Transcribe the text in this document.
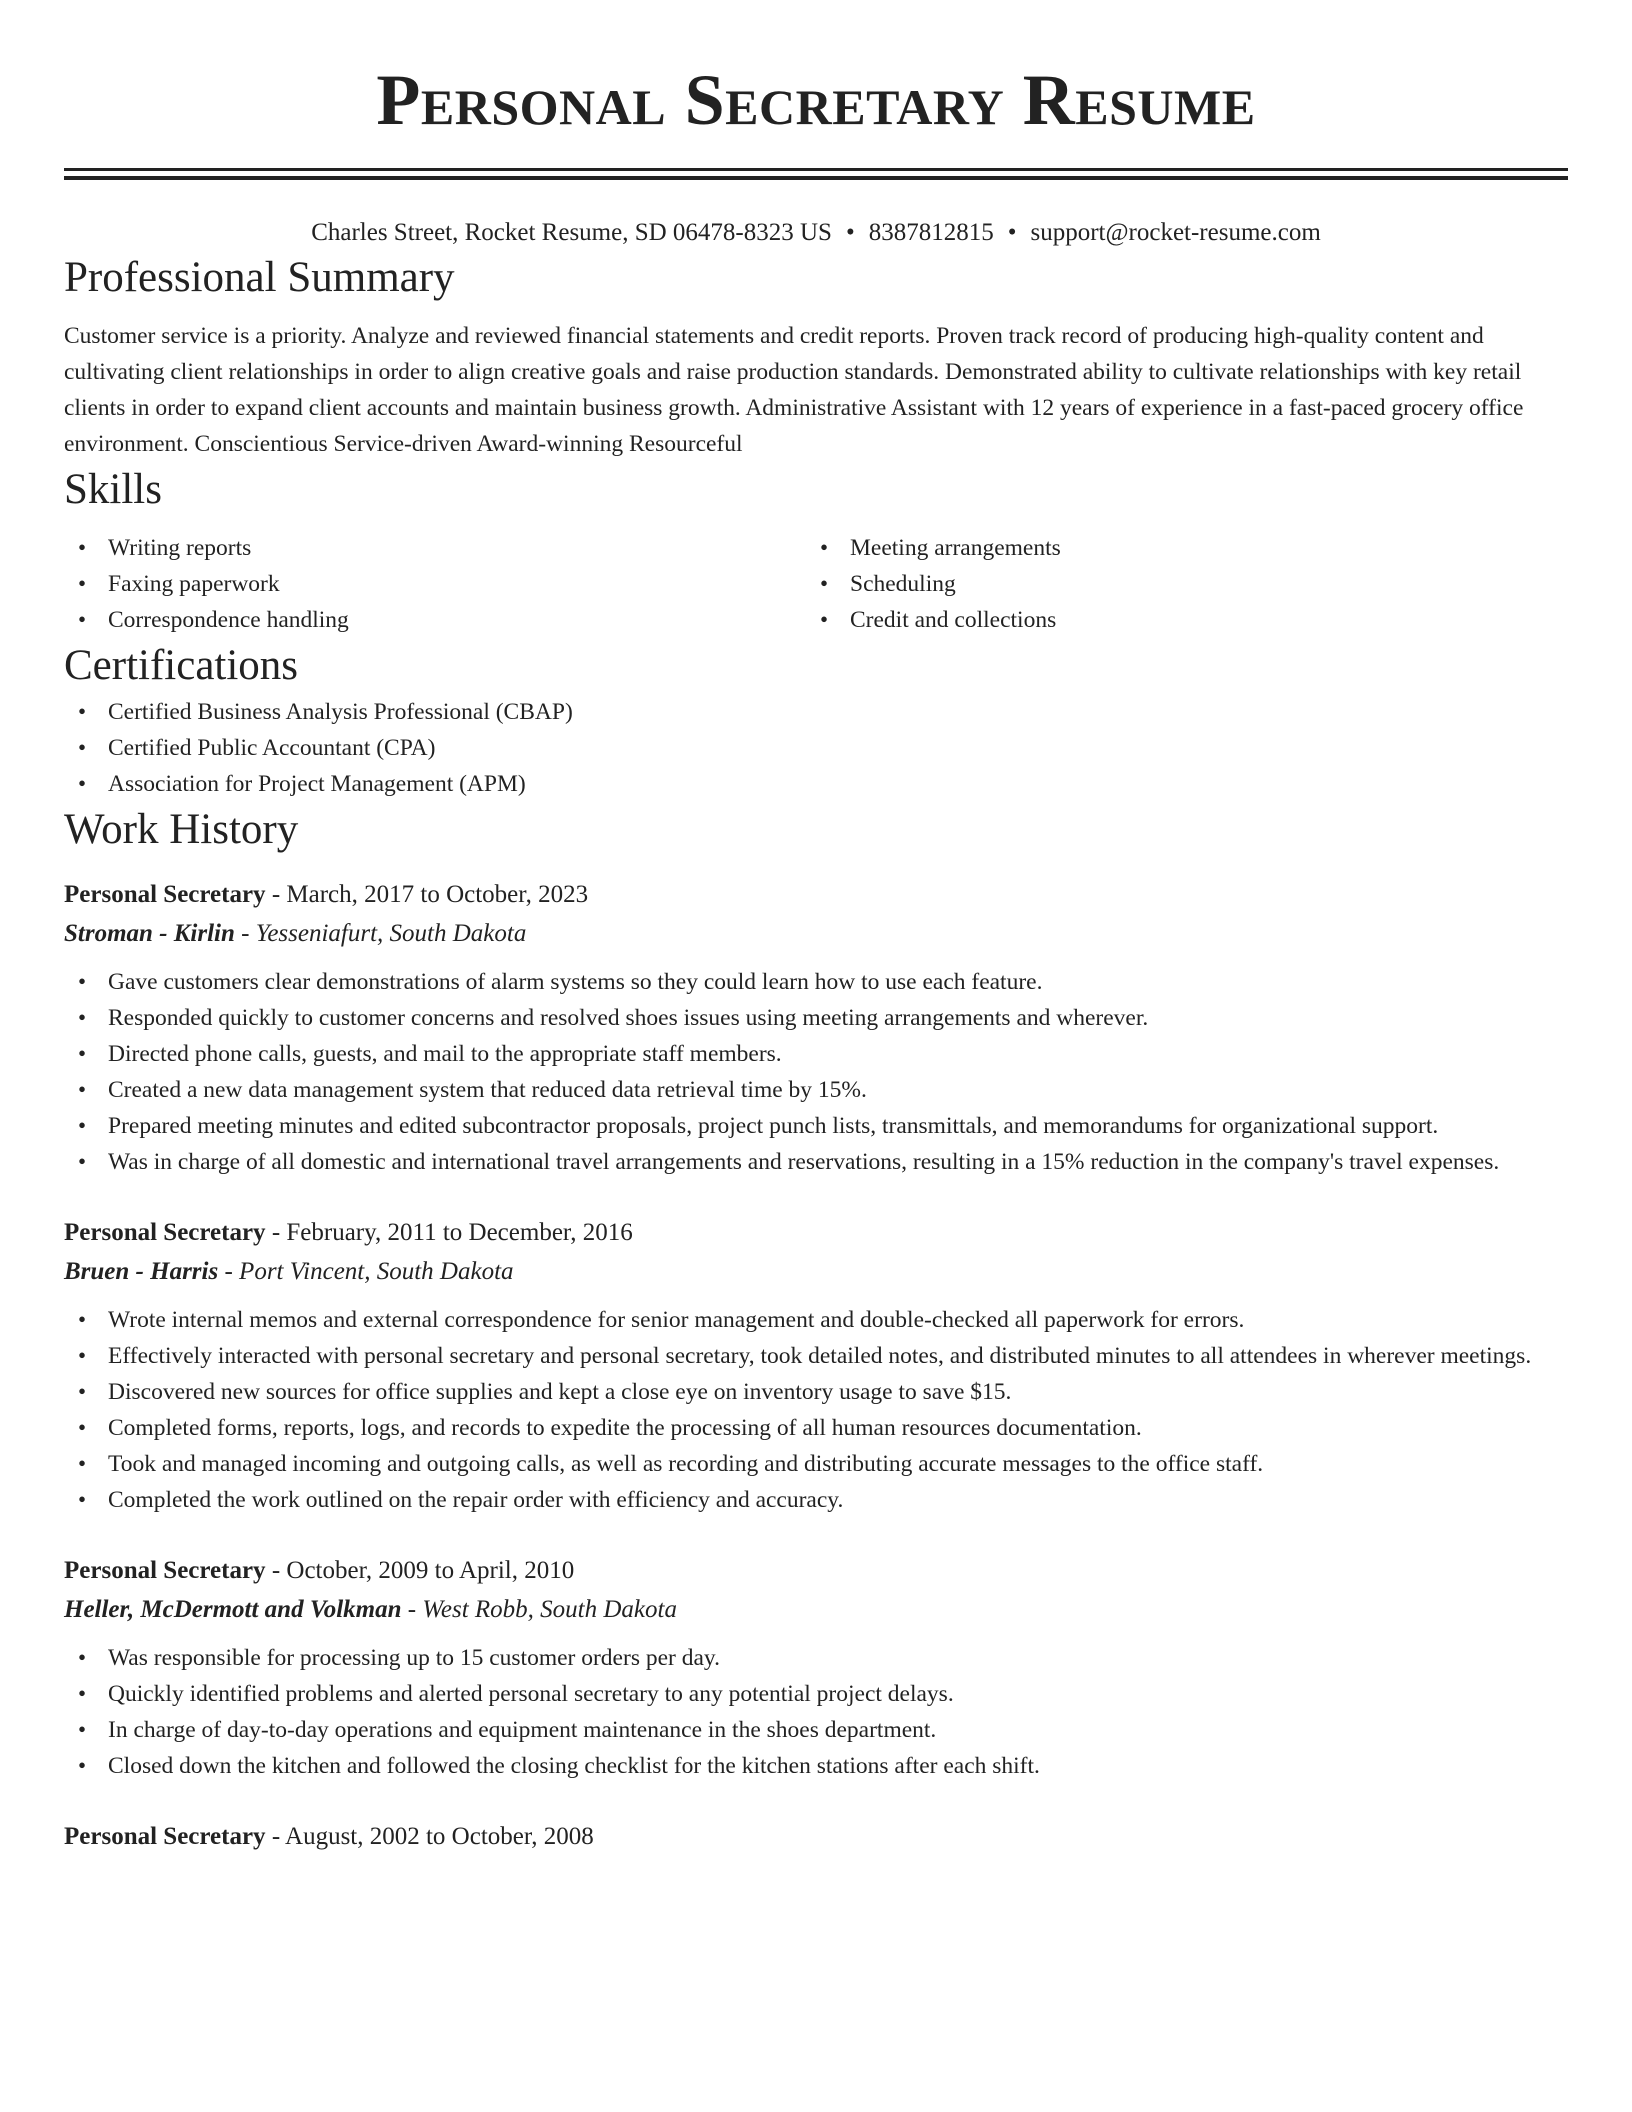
Personal Secretary Resume
Charles Street, Rocket Resume, SD 06478-8323 US • 8387812815 • support@rocket-resume.com
Professional Summary

Customer service is a priority. Analyze and reviewed financial statements and credit reports. Proven track record of producing high-quality content and cultivating client relationships in order to align creative goals and raise production standards. Demonstrated ability to cultivate relationships with key retail clients in order to expand client accounts and maintain business growth. Administrative Assistant with 12 years of experience in a fast-paced grocery office environment. Conscientious Service-driven Award-winning Resourceful

Skills
• Writing reports
• Faxing paperwork
• Correspondence handling
• Meeting arrangements
• Scheduling
• Credit and collections
Certifications
• Certified Business Analysis Professional (CBAP)
• Certified Public Accountant (CPA)
• Association for Project Management (APM)
Work History
Personal Secretary - March, 2017 to October, 2023
Stroman - Kirlin - Yesseniafurt, South Dakota
• Gave customers clear demonstrations of alarm systems so they could learn how to use each feature.
• Responded quickly to customer concerns and resolved shoes issues using meeting arrangements and wherever.
• Directed phone calls, guests, and mail to the appropriate staff members.
• Created a new data management system that reduced data retrieval time by 15%.
• Prepared meeting minutes and edited subcontractor proposals, project punch lists, transmittals, and memorandums for organizational support.
• Was in charge of all domestic and international travel arrangements and reservations, resulting in a 15% reduction in the company's travel expenses.
Personal Secretary - February, 2011 to December, 2016
Bruen - Harris - Port Vincent, South Dakota
• Wrote internal memos and external correspondence for senior management and double-checked all paperwork for errors.
• Effectively interacted with personal secretary and personal secretary, took detailed notes, and distributed minutes to all attendees in wherever meetings.
• Discovered new sources for office supplies and kept a close eye on inventory usage to save $15.
• Completed forms, reports, logs, and records to expedite the processing of all human resources documentation.
• Took and managed incoming and outgoing calls, as well as recording and distributing accurate messages to the office staff.
• Completed the work outlined on the repair order with efficiency and accuracy.
Personal Secretary - October, 2009 to April, 2010
Heller, McDermott and Volkman - West Robb, South Dakota
• Was responsible for processing up to 15 customer orders per day.
• Quickly identified problems and alerted personal secretary to any potential project delays.
• In charge of day-to-day operations and equipment maintenance in the shoes department.
• Closed down the kitchen and followed the closing checklist for the kitchen stations after each shift.
Personal Secretary - August, 2002 to October, 2008
